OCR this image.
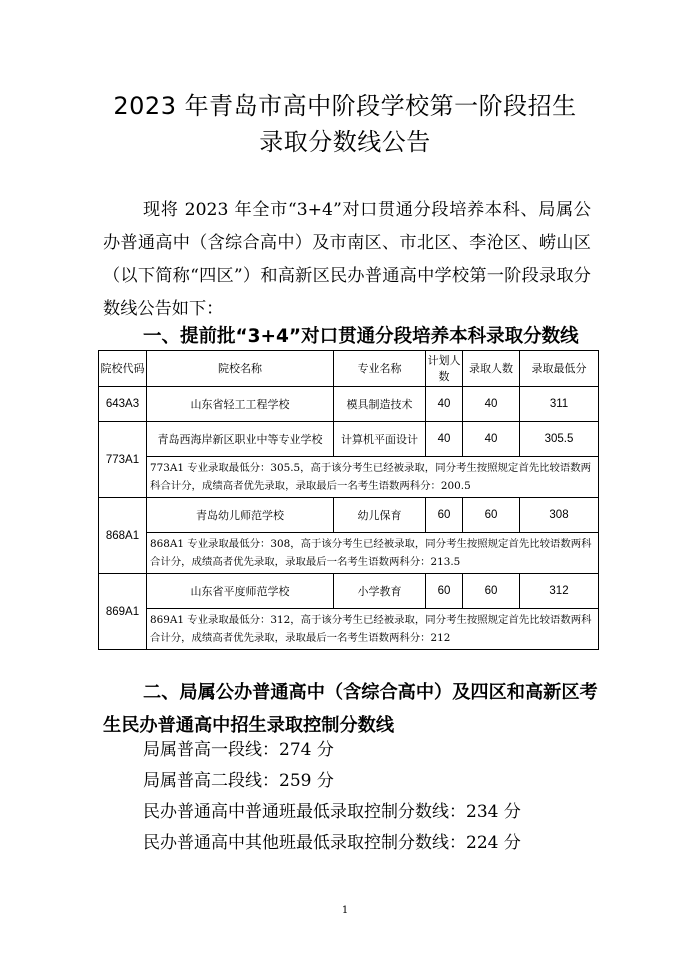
2023 年青岛市高中阶段学校第一阶段招生
录取分数线公告

现将 2023 年全市“3+4”对口贯通分段培养本科、局属公办普通高中（含综合高中）及市南区、市北区、李沧区、崂山区（以下简称“四区”）和高新区民办普通高中学校第一阶段录取分数线公告如下：

一、提前批“3+4”对口贯通分段培养本科录取分数线
院校代码	院校名称	专业名称	计划人数	录取人数	录取最低分
643A3	山东省轻工工程学校	模具制造技术	40	40	311
773A1	青岛西海岸新区职业中等专业学校	计算机平面设计	40	40	305.5
	773A1 专业录取最低分：305.5，高于该分考生已经被录取，同分考生按照规定首先比较语数两科合计分，成绩高者优先录取，录取最后一名考生语数两科分：200.5				
868A1	青岛幼儿师范学校	幼儿保育	60	60	308
	868A1 专业录取最低分：308，高于该分考生已经被录取，同分考生按照规定首先比较语数两科合计分，成绩高者优先录取，录取最后一名考生语数两科分：213.5				
869A1	山东省平度师范学校	小学教育	60	60	312
	869A1 专业录取最低分：312，高于该分考生已经被录取，同分考生按照规定首先比较语数两科合计分，成绩高者优先录取，录取最后一名考生语数两科分：212				
二、局属公办普通高中（含综合高中）及四区和高新区考生民办普通高中招生录取控制分数线
局属普高一段线：274 分
局属普高二段线：259 分
民办普通高中普通班最低录取控制分数线：234 分
民办普通高中其他班最低录取控制分数线：224 分
1
